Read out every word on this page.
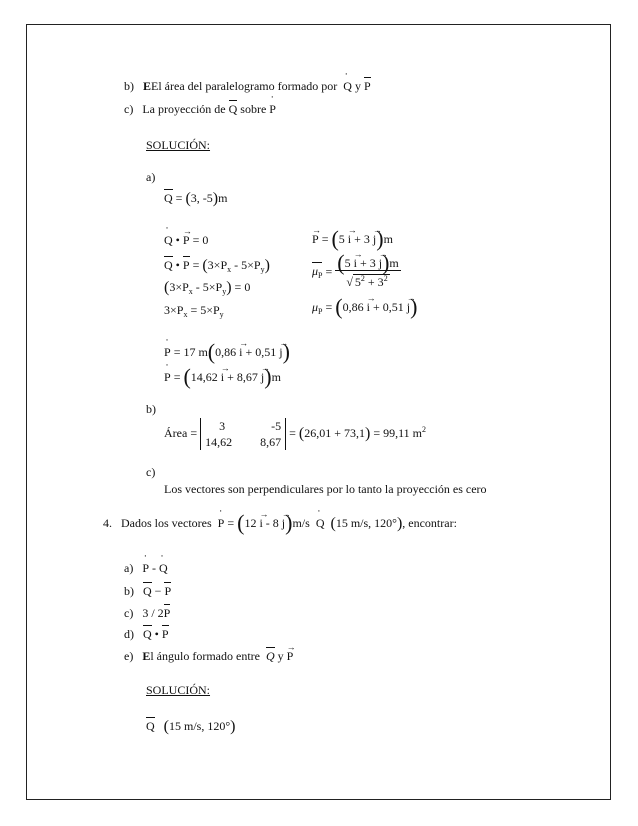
b) EEl área del paralelogramo formado por ˙ Q y P
c) La proyección de Q sobre ˙ P
SOLUCIÓN:
a)
Q = (3, -5)m
˙ Q • → P = 0
Q • $P = (3\times P_x - 5\times P_y)$
$(3\times P_x - 5\times P_y) = 0$
$3\times P_x = 5\times P_y$
→ P = (5 → i + 3 → j)m
$\mu_P = \frac{(5 \to i + 3 \to j)m}{√ 5^2 + 3^2}$
$\mu_P = (0,86 \to i + 0,51 \to j)$
˙ P = 17 m(0,86 → i + 0,51 → j)
˙ P = (14,62 → i + 8,67 → j)m
b)
Área =	3	-5
14,62 8,67
= (26,01 + 73,1) = 99,11 $m^2$
c)
Los vectores son perpendiculares por lo tanto la proyección es cero
4. Dados los vectores ˙ P = (12 → i - 8 → j)m/s  ˙ Q (15 m/s, 120°), encontrar:
a) ˙ P - ˙ Q
b) Q − P
c)   3 / 2P
d) Q • P
e) El ángulo formado entre  Q y → P
SOLUCIÓN:
Q (15 m/s, 120°)
